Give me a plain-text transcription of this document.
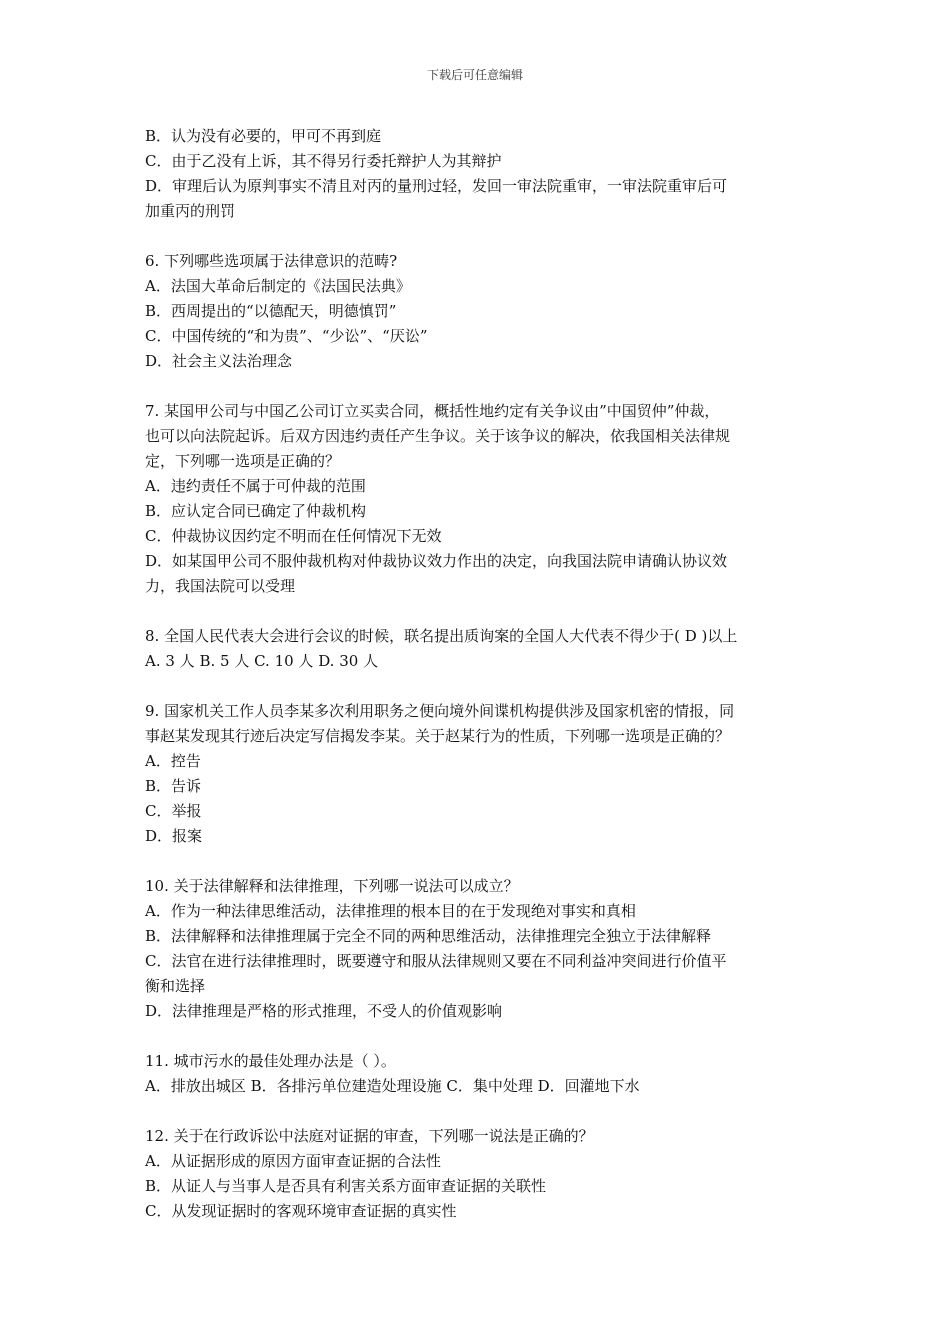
下载后可任意编辑
B．认为没有必要的，甲可不再到庭
C．由于乙没有上诉，其不得另行委托辩护人为其辩护
D．审理后认为原判事实不清且对丙的量刑过轻，发回一审法院重审，一审法院重审后可
加重丙的刑罚
6. 下列哪些选项属于法律意识的范畴?
A．法国大革命后制定的《法国民法典》
B．西周提出的“以德配天，明德慎罚”
C．中国传统的“和为贵”、“少讼”、“厌讼”
D．社会主义法治理念
7. 某国甲公司与中国乙公司订立买卖合同，概括性地约定有关争议由”中国贸仲”仲裁，
也可以向法院起诉。后双方因违约责任产生争议。关于该争议的解决，依我国相关法律规
定，下列哪一选项是正确的？
A．违约责任不属于可仲裁的范围
B．应认定合同已确定了仲裁机构
C．仲裁协议因约定不明而在任何情况下无效
D．如某国甲公司不服仲裁机构对仲裁协议效力作出的决定，向我国法院申请确认协议效
力，我国法院可以受理
8. 全国人民代表大会进行会议的时候，联名提出质询案的全国人大代表不得少于( D )以上
A. 3 人 B. 5 人 C. 10 人 D. 30 人
9. 国家机关工作人员李某多次利用职务之便向境外间谍机构提供涉及国家机密的情报，同
事赵某发现其行迹后决定写信揭发李某。关于赵某行为的性质，下列哪一选项是正确的？
A．控告
B．告诉
C．举报
D．报案
10. 关于法律解释和法律推理，下列哪一说法可以成立？
A．作为一种法律思维活动，法律推理的根本目的在于发现绝对事实和真相
B．法律解释和法律推理属于完全不同的两种思维活动，法律推理完全独立于法律解释
C．法官在进行法律推理时，既要遵守和服从法律规则又要在不同利益冲突间进行价值平
衡和选择
D．法律推理是严格的形式推理，不受人的价值观影响
11. 城市污水的最佳处理办法是（ ）。
A．排放出城区 B．各排污单位建造处理设施 C．集中处理 D．回灌地下水
12. 关于在行政诉讼中法庭对证据的审查，下列哪一说法是正确的？
A．从证据形成的原因方面审查证据的合法性
B．从证人与当事人是否具有利害关系方面审查证据的关联性
C．从发现证据时的客观环境审查证据的真实性
